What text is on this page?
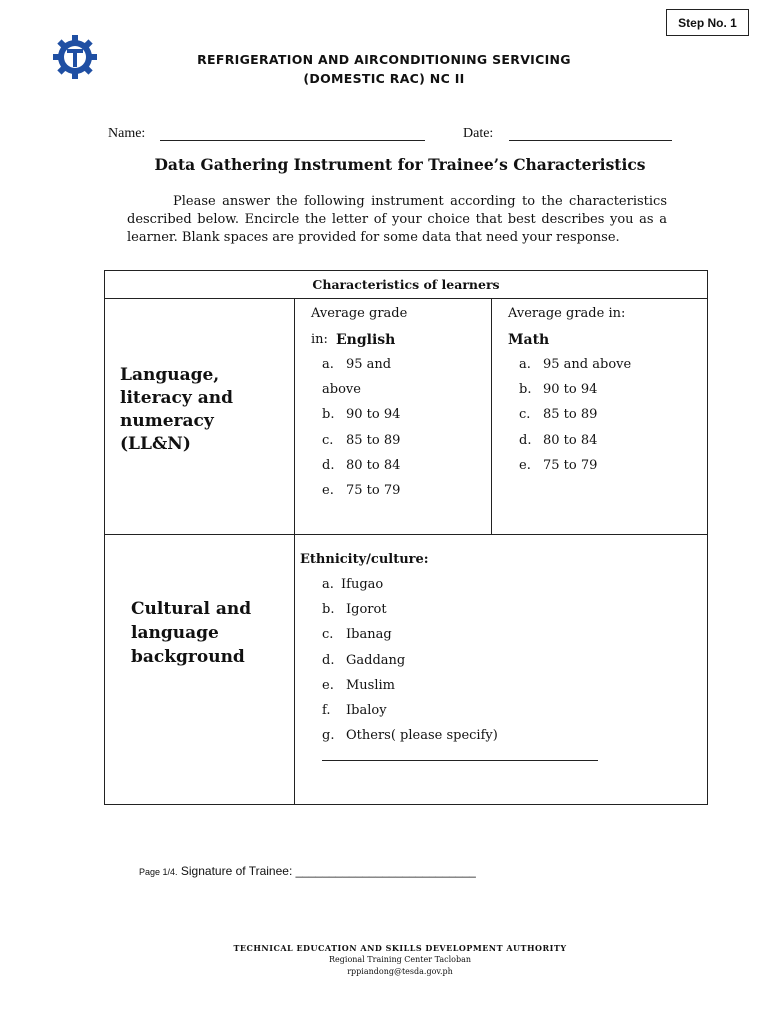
Step No. 1
REFRIGERATION AND AIRCONDITIONING SERVICING
(DOMESTIC RAC) NC II
Name:	Date:
Data Gathering Instrument for Trainee’s Characteristics
Please answer the following instrument according to the characteristics described below. Encircle the letter of your choice that best describes you as a learner. Blank spaces are provided for some data that need your response.
Characteristics of learners
Language, literacy and numeracy (LL&N)
Average grade
in: English
a. 95 and
above
b. 90 to 94
c. 85 to 89
d. 80 to 84
e. 75 to 79
Average grade in:
Math
a. 95 and above
b. 90 to 94
c. 85 to 89
d. 80 to 84
e. 75 to 79
Cultural and language background
Ethnicity/culture:
a. Ifugao
b. Igorot
c. Ibanag
d. Gaddang
e. Muslim
f. Ibaloy
g. Others( please specify)
Page 1/4. Signature of Trainee: ___________________________
TECHNICAL EDUCATION AND SKILLS DEVELOPMENT AUTHORITY
Regional Training Center Tacloban
rppiandong@tesda.gov.ph
